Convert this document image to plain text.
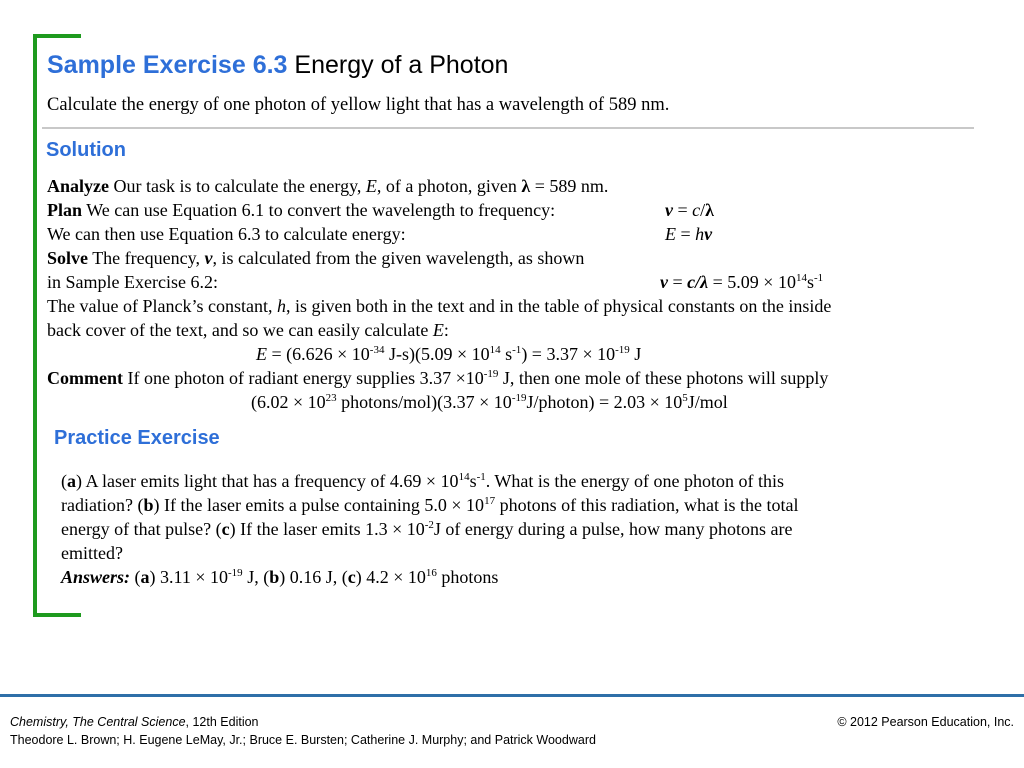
Sample Exercise 6.3 Energy of a Photon
Calculate the energy of one photon of yellow light that has a wavelength of 589 nm.
Solution
Analyze Our task is to calculate the energy, E, of a photon, given λ = 589 nm.
Plan We can use Equation 6.1 to convert the wavelength to frequency:	ν = c/λ
We can then use Equation 6.3 to calculate energy:	E = hν
Solve The frequency, ν, is calculated from the given wavelength, as shown
in Sample Exercise 6.2:	$\nu = c/\lambda = 5.09 \times 10^{14}s^{-1}$
The value of Planck’s constant, h, is given both in the text and in the table of physical constants on the inside
back cover of the text, and so we can easily calculate E:
$E = (6.626 \times 10^{-34}$ $J-s)(5.09 \times 10^{14}$ $s^{-1}) = 3.37 \times 10^{-19}$ J
Comment If one photon of radiant energy supplies $3.37 \times 10^{-19}$ J, then one mole of these photons will supply
($6.02 \times 10^{23}$ photons/mol)(3.37 × $10^{-19}J/photon) = 2.03 \times 10^5J/mol$
Practice Exercise
(a) A laser emits light that has a frequency of $4.69 \times 10^{14}s^{-1}$. What is the energy of one photon of this
radiation? (b) If the laser emits a pulse containing $5.0 \times 10^{17}$ photons of this radiation, what is the total
energy of that pulse? (c) If the laser emits $1.3 \times 10^{-2}J$ of energy during a pulse, how many photons are
emitted?
Answers: (a) $3.11 \times 10^{-19}$ J, (b) 0.16 J, (c) $4.2 \times 10^{16}$ photons
Chemistry, The Central Science, 12th Edition
Theodore L. Brown; H. Eugene LeMay, Jr.; Bruce E. Bursten; Catherine J. Murphy; and Patrick Woodward
© 2012 Pearson Education, Inc.
